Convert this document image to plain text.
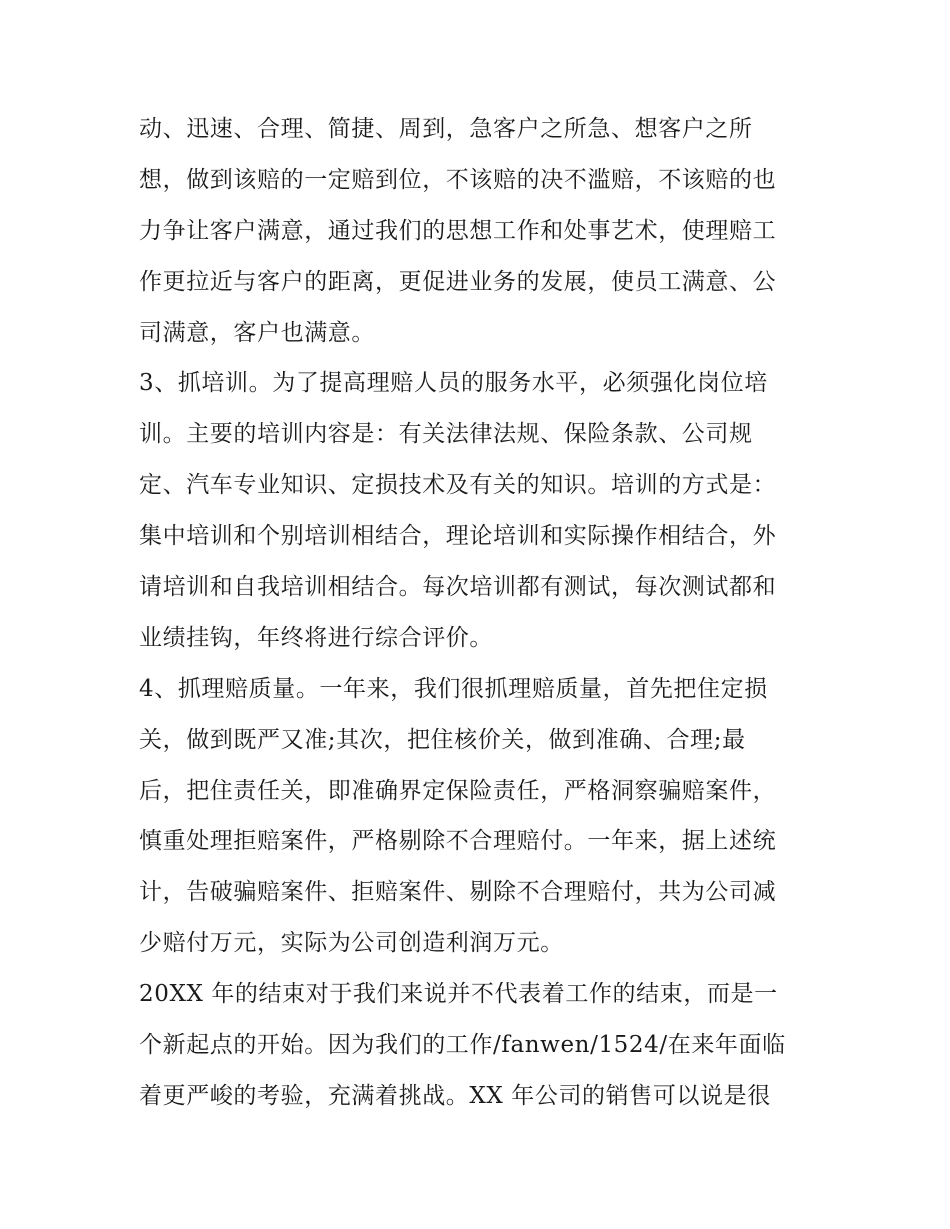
动、迅速、合理、简捷、周到，急客户之所急、想客户之所
想，做到该赔的一定赔到位，不该赔的决不滥赔，不该赔的也
力争让客户满意，通过我们的思想工作和处事艺术，使理赔工
作更拉近与客户的距离，更促进业务的发展，使员工满意、公
司满意，客户也满意。
3、抓培训。为了提高理赔人员的服务水平，必须强化岗位培
训。主要的培训内容是：有关法律法规、保险条款、公司规
定、汽车专业知识、定损技术及有关的知识。培训的方式是：
集中培训和个别培训相结合，理论培训和实际操作相结合，外
请培训和自我培训相结合。每次培训都有测试，每次测试都和
业绩挂钩，年终将进行综合评价。
4、抓理赔质量。一年来，我们很抓理赔质量，首先把住定损
关，做到既严又准;其次，把住核价关，做到准确、合理;最
后，把住责任关，即准确界定保险责任，严格洞察骗赔案件，
慎重处理拒赔案件，严格剔除不合理赔付。一年来，据上述统
计，告破骗赔案件、拒赔案件、剔除不合理赔付，共为公司减
少赔付万元，实际为公司创造利润万元。
20XX 年的结束对于我们来说并不代表着工作的结束，而是一
个新起点的开始。因为我们的工作/fanwen/1524/在来年面临
着更严峻的考验，充满着挑战。XX 年公司的销售可以说是很
